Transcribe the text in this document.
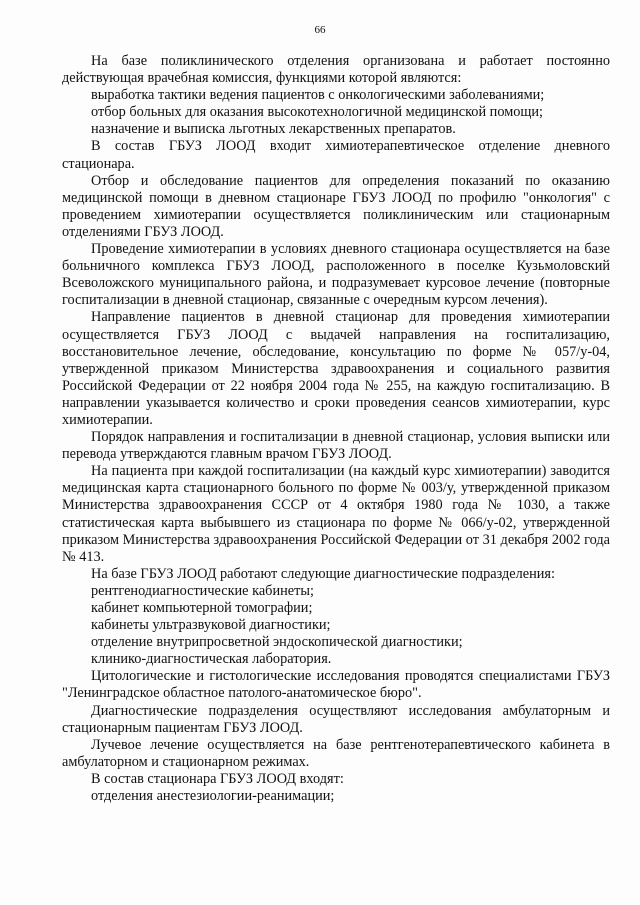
66

На базе поликлинического отделения организована и работает постоянно действующая врачебная комиссия, функциями которой являются:

выработка тактики ведения пациентов с онкологическими заболеваниями;

отбор больных для оказания высокотехнологичной медицинской помощи;

назначение и выписка льготных лекарственных препаратов.

В состав ГБУЗ ЛООД входит химиотерапевтическое отделение дневного стационара.

Отбор и обследование пациентов для определения показаний по оказанию медицинской помощи в дневном стационаре ГБУЗ ЛООД по профилю "онкология" с проведением химиотерапии осуществляется поликлиническим или стационарным отделениями ГБУЗ ЛООД.

Проведение химиотерапии в условиях дневного стационара осуществляется на базе больничного комплекса ГБУЗ ЛООД, расположенного в поселке Кузьмоловский Всеволожского муниципального района, и подразумевает курсовое лечение (повторные госпитализации в дневной стационар, связанные с очередным курсом лечения).

Направление пациентов в дневной стационар для проведения химиотерапии осуществляется ГБУЗ ЛООД с выдачей направления на госпитализацию, восстановительное лечение, обследование, консультацию по форме № 057/у-04, утвержденной приказом Министерства здравоохранения и социального развития Российской Федерации от 22 ноября 2004 года № 255, на каждую госпитализацию. В направлении указывается количество и сроки проведения сеансов химиотерапии, курс химиотерапии.

Порядок направления и госпитализации в дневной стационар, условия выписки или перевода утверждаются главным врачом ГБУЗ ЛООД.

На пациента при каждой госпитализации (на каждый курс химиотерапии) заводится медицинская карта стационарного больного по форме № 003/у, утвержденной приказом Министерства здравоохранения СССР от 4 октября 1980 года № 1030, а также статистическая карта выбывшего из стационара по форме № 066/у-02, утвержденной приказом Министерства здравоохранения Российской Федерации от 31 декабря 2002 года № 413.

На базе ГБУЗ ЛООД работают следующие диагностические подразделения:

рентгенодиагностические кабинеты;

кабинет компьютерной томографии;

кабинеты ультразвуковой диагностики;

отделение внутрипросветной эндоскопической диагностики;

клинико-диагностическая лаборатория.

Цитологические и гистологические исследования проводятся специалистами ГБУЗ "Ленинградское областное патолого-анатомическое бюро".

Диагностические подразделения осуществляют исследования амбулаторным и стационарным пациентам ГБУЗ ЛООД.

Лучевое лечение осуществляется на базе рентгенотерапевтического кабинета в амбулаторном и стационарном режимах.

В состав стационара ГБУЗ ЛООД входят:

отделения анестезиологии-реанимации;
